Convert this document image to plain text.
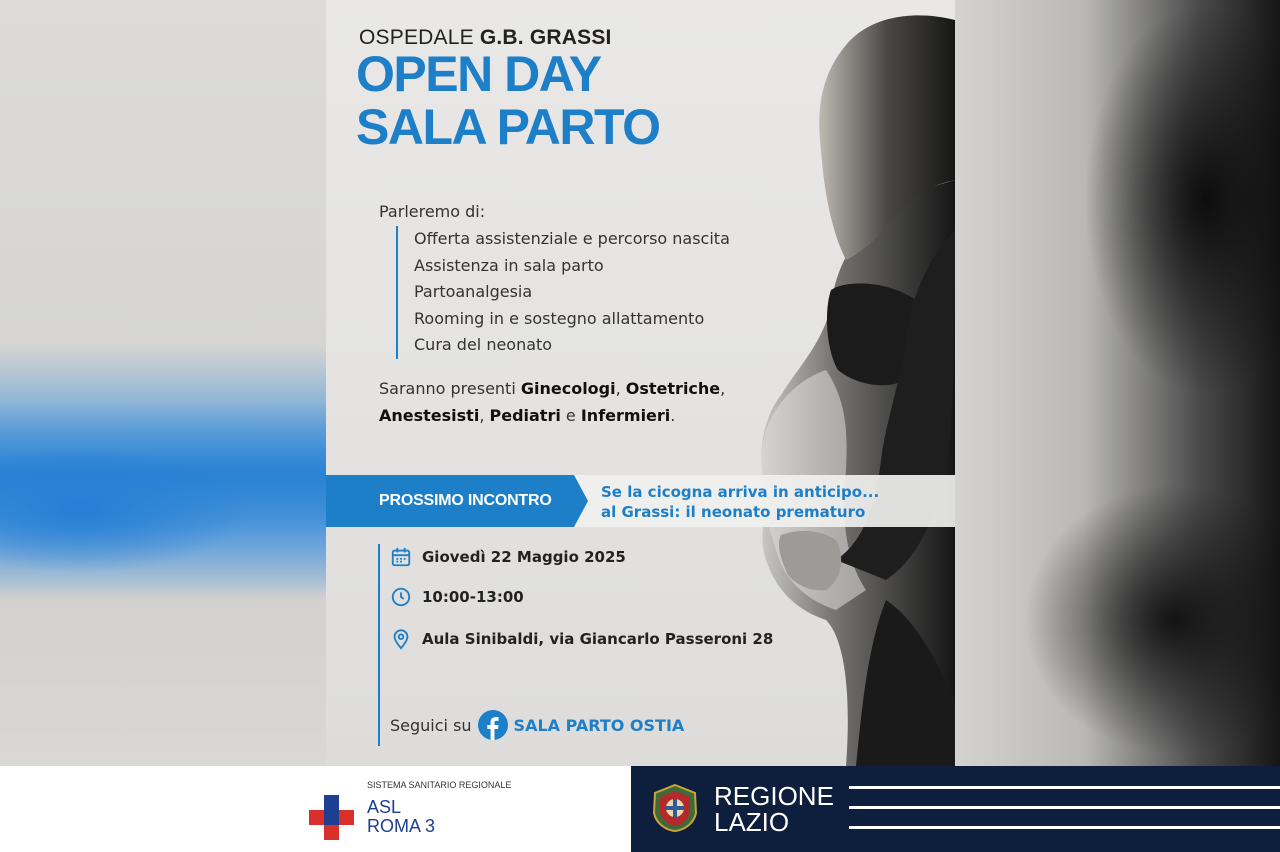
OSPEDALE G.B. GRASSI
OPEN DAY
SALA PARTO
Parleremo di:
Offerta assistenziale e percorso nascita
Assistenza in sala parto
Partoanalgesia
Rooming in e sostegno allattamento
Cura del neonato
Saranno presenti Ginecologi, Ostetriche,
Anestesisti, Pediatri e Infermieri.
PROSSIMO INCONTRO	Se la cicogna arriva in anticipo...
al Grassi: il neonato prematuro
Giovedì 22 Maggio 2025
10:00-13:00
Aula Sinibaldi, via Giancarlo Passeroni 28
Seguici su	SALA PARTO OSTIA
SISTEMA SANITARIO REGIONALE
ASL
ROMA 3
REGIONE
LAZIO
